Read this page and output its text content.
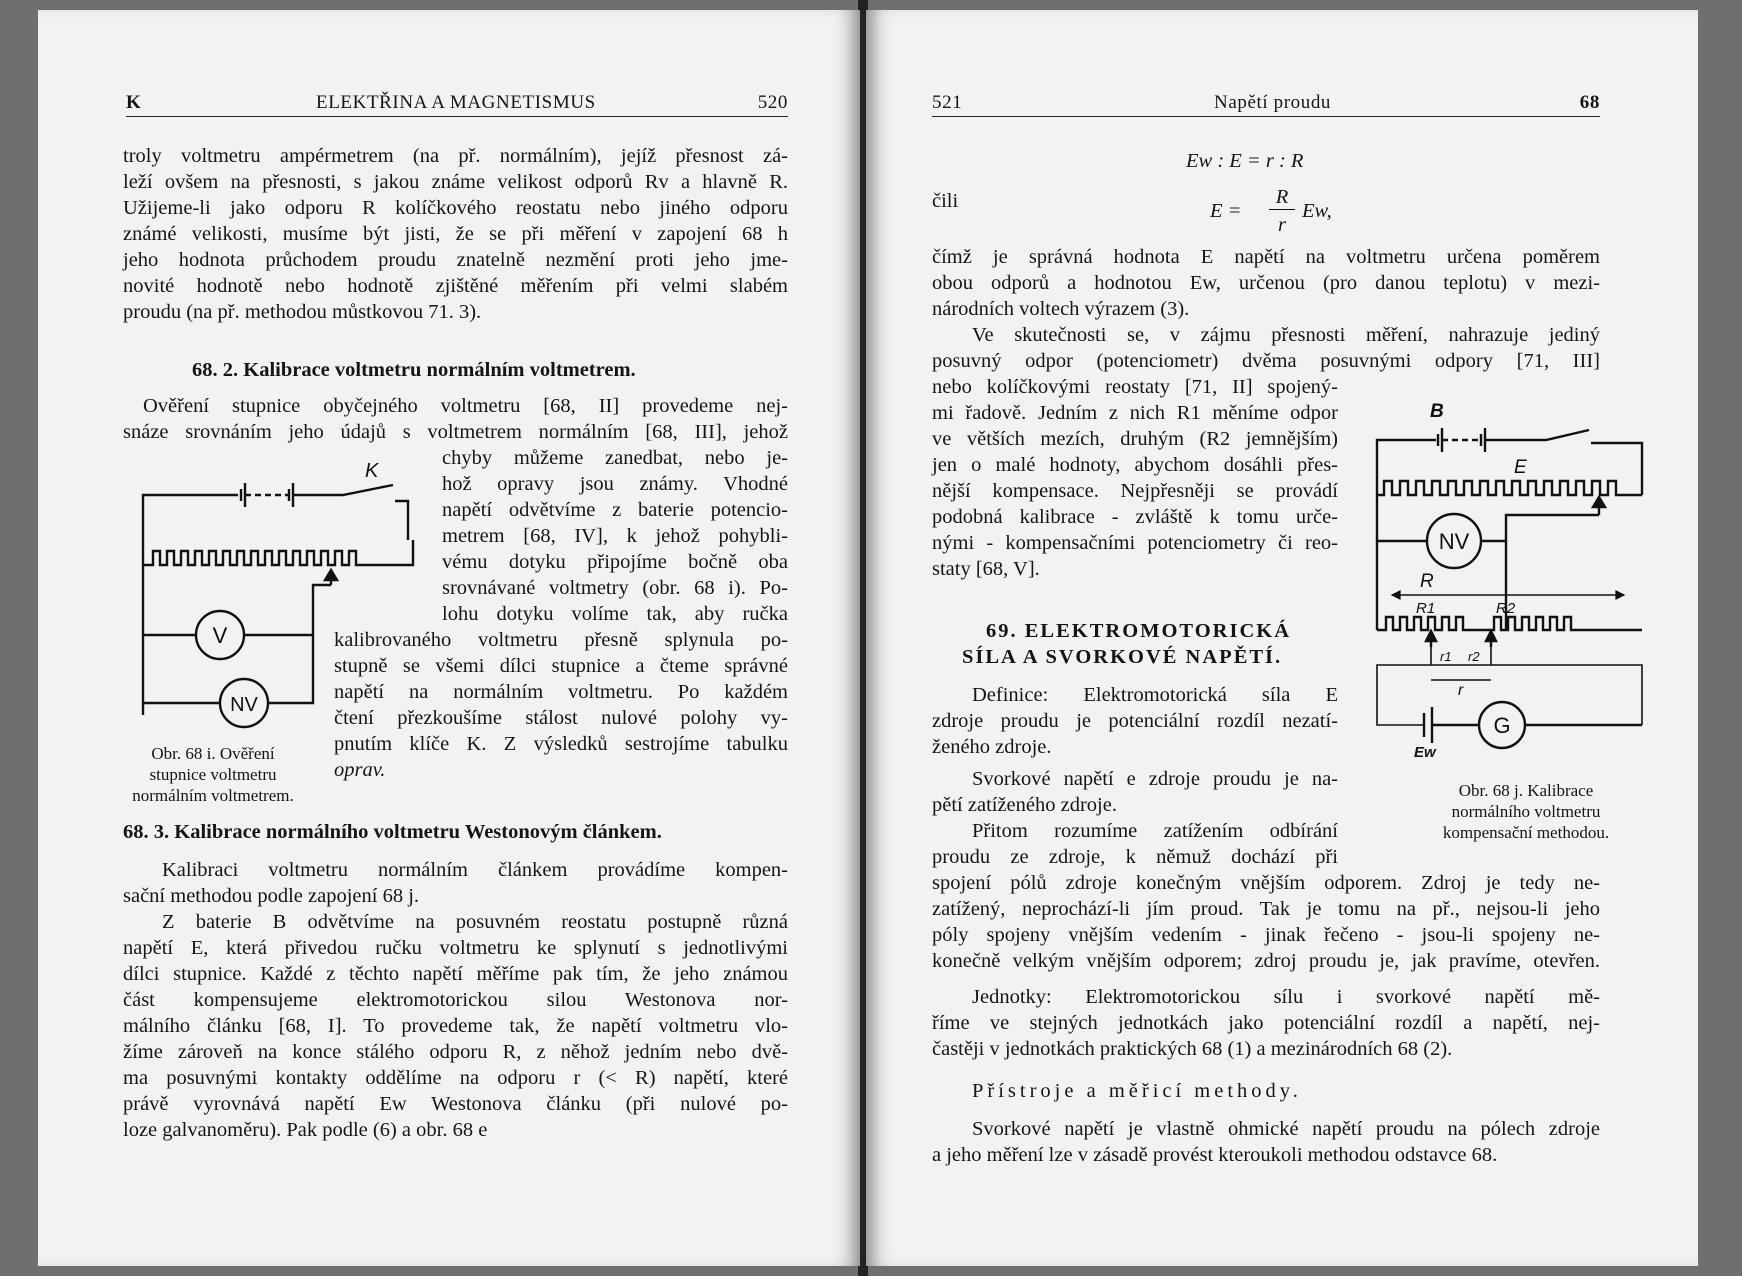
K	ELEKTŘINA A MAGNETISMUS	520
troly voltmetru ampérmetrem (na př. normálním), jejíž přesnost zá-
leží ovšem na přesnosti, s jakou známe velikost odporů Rv a hlavně R.
Užijeme-li jako odporu R kolíčkového reostatu nebo jiného odporu
známé velikosti, musíme být jisti, že se při měření v zapojení 68 h
jeho hodnota průchodem proudu znatelně nezmění proti jeho jme-
novité hodnotě nebo hodnotě zjištěné měřením při velmi slabém
proudu (na př. methodou můstkovou 71. 3).
68. 2. Kalibrace voltmetru normálním voltmetrem.
Ověření stupnice obyčejného voltmetru [68, II] provedeme nej-
snáze srovnáním jeho údajů s voltmetrem normálním [68, III], jehož
chyby můžeme zanedbat, nebo je-
hož opravy jsou známy. Vhodné
napětí odvětvíme z baterie potencio-
metrem [68, IV], k jehož pohybli-
vému dotyku připojíme bočně oba
srovnávané voltmetry (obr. 68 i). Po-
lohu dotyku volíme tak, aby ručka
kalibrovaného voltmetru přesně splynula po-
stupně se všemi dílci stupnice a čteme správné
napětí na normálním voltmetru. Po každém
čtení přezkoušíme stálost nulové polohy vy-
pnutím klíče K. Z výsledků sestrojíme tabulku
oprav.
Obr. 68 i. Ověření
stupnice voltmetru
normálním voltmetrem.
68. 3. Kalibrace normálního voltmetru Westonovým článkem.
Kalibraci voltmetru normálním článkem provádíme kompen-
sační methodou podle zapojení 68 j.
Z baterie B odvětvíme na posuvném reostatu postupně různá
napětí E, která přivedou ručku voltmetru ke splynutí s jednotlivými
dílci stupnice. Každé z těchto napětí měříme pak tím, že jeho známou
část kompensujeme elektromotorickou silou Westonova nor-
málního článku [68, I]. To provedeme tak, že napětí voltmetru vlo-
žíme zároveň na konce stálého odporu R, z něhož jedním nebo dvě-
ma posuvnými kontakty oddělíme na odporu r (< R) napětí, které
právě vyrovnává napětí Ew Westonova článku (při nulové po-
loze galvanoměru). Pak podle (6) a obr. 68 e
K
V
NV
521	Napětí proudu	68
Ew : E = r : R
čili	E =
R
r
Ew,
čímž je správná hodnota E napětí na voltmetru určena poměrem
obou odporů a hodnotou Ew, určenou (pro danou teplotu) v mezi-
národních voltech výrazem (3).
Ve skutečnosti se, v zájmu přesnosti měření, nahrazuje jediný
posuvný odpor (potenciometr) dvěma posuvnými odpory [71, III]
nebo kolíčkovými reostaty [71, II] spojený-
mi řadově. Jedním z nich R1 měníme odpor
ve větších mezích, druhým (R2 jemnějším)
jen o malé hodnoty, abychom dosáhli přes-
nější kompensace. Nejpřesněji se provádí
podobná kalibrace - zvláště k tomu urče-
nými - kompensačními potenciometry či reo-
staty [68, V].
69. ELEKTROMOTORICKÁ
SÍLA A SVORKOVÉ NAPĚTÍ.
Definice: Elektromotorická síla E
zdroje proudu je potenciální rozdíl nezatí-
ženého zdroje.
Svorkové napětí e zdroje proudu je na-
pětí zatíženého zdroje.
Přitom rozumíme zatížením odbírání
proudu ze zdroje, k němuž dochází při
spojení pólů zdroje konečným vnějším odporem. Zdroj je tedy ne-
zatížený, neprochází-li jím proud. Tak je tomu na př., nejsou-li jeho
póly spojeny vnějším vedením - jinak řečeno - jsou-li spojeny ne-
konečně velkým vnějším odporem; zdroj proudu je, jak pravíme, otevřen.
Jednotky: Elektromotorickou sílu i svorkové napětí mě-
říme ve stejných jednotkách jako potenciální rozdíl a napětí, nej-
častěji v jednotkách praktických 68 (1) a mezinárodních 68 (2).
Přístroje a měřicí methody.
Svorkové napětí je vlastně ohmické napětí proudu na pólech zdroje
a jeho měření lze v zásadě provést kteroukoli methodou odstavce 68.
B
E
NV
R
R1	R2
r1 r2
r
G
Ew
Obr. 68 j. Kalibrace
normálního voltmetru
kompensační methodou.
